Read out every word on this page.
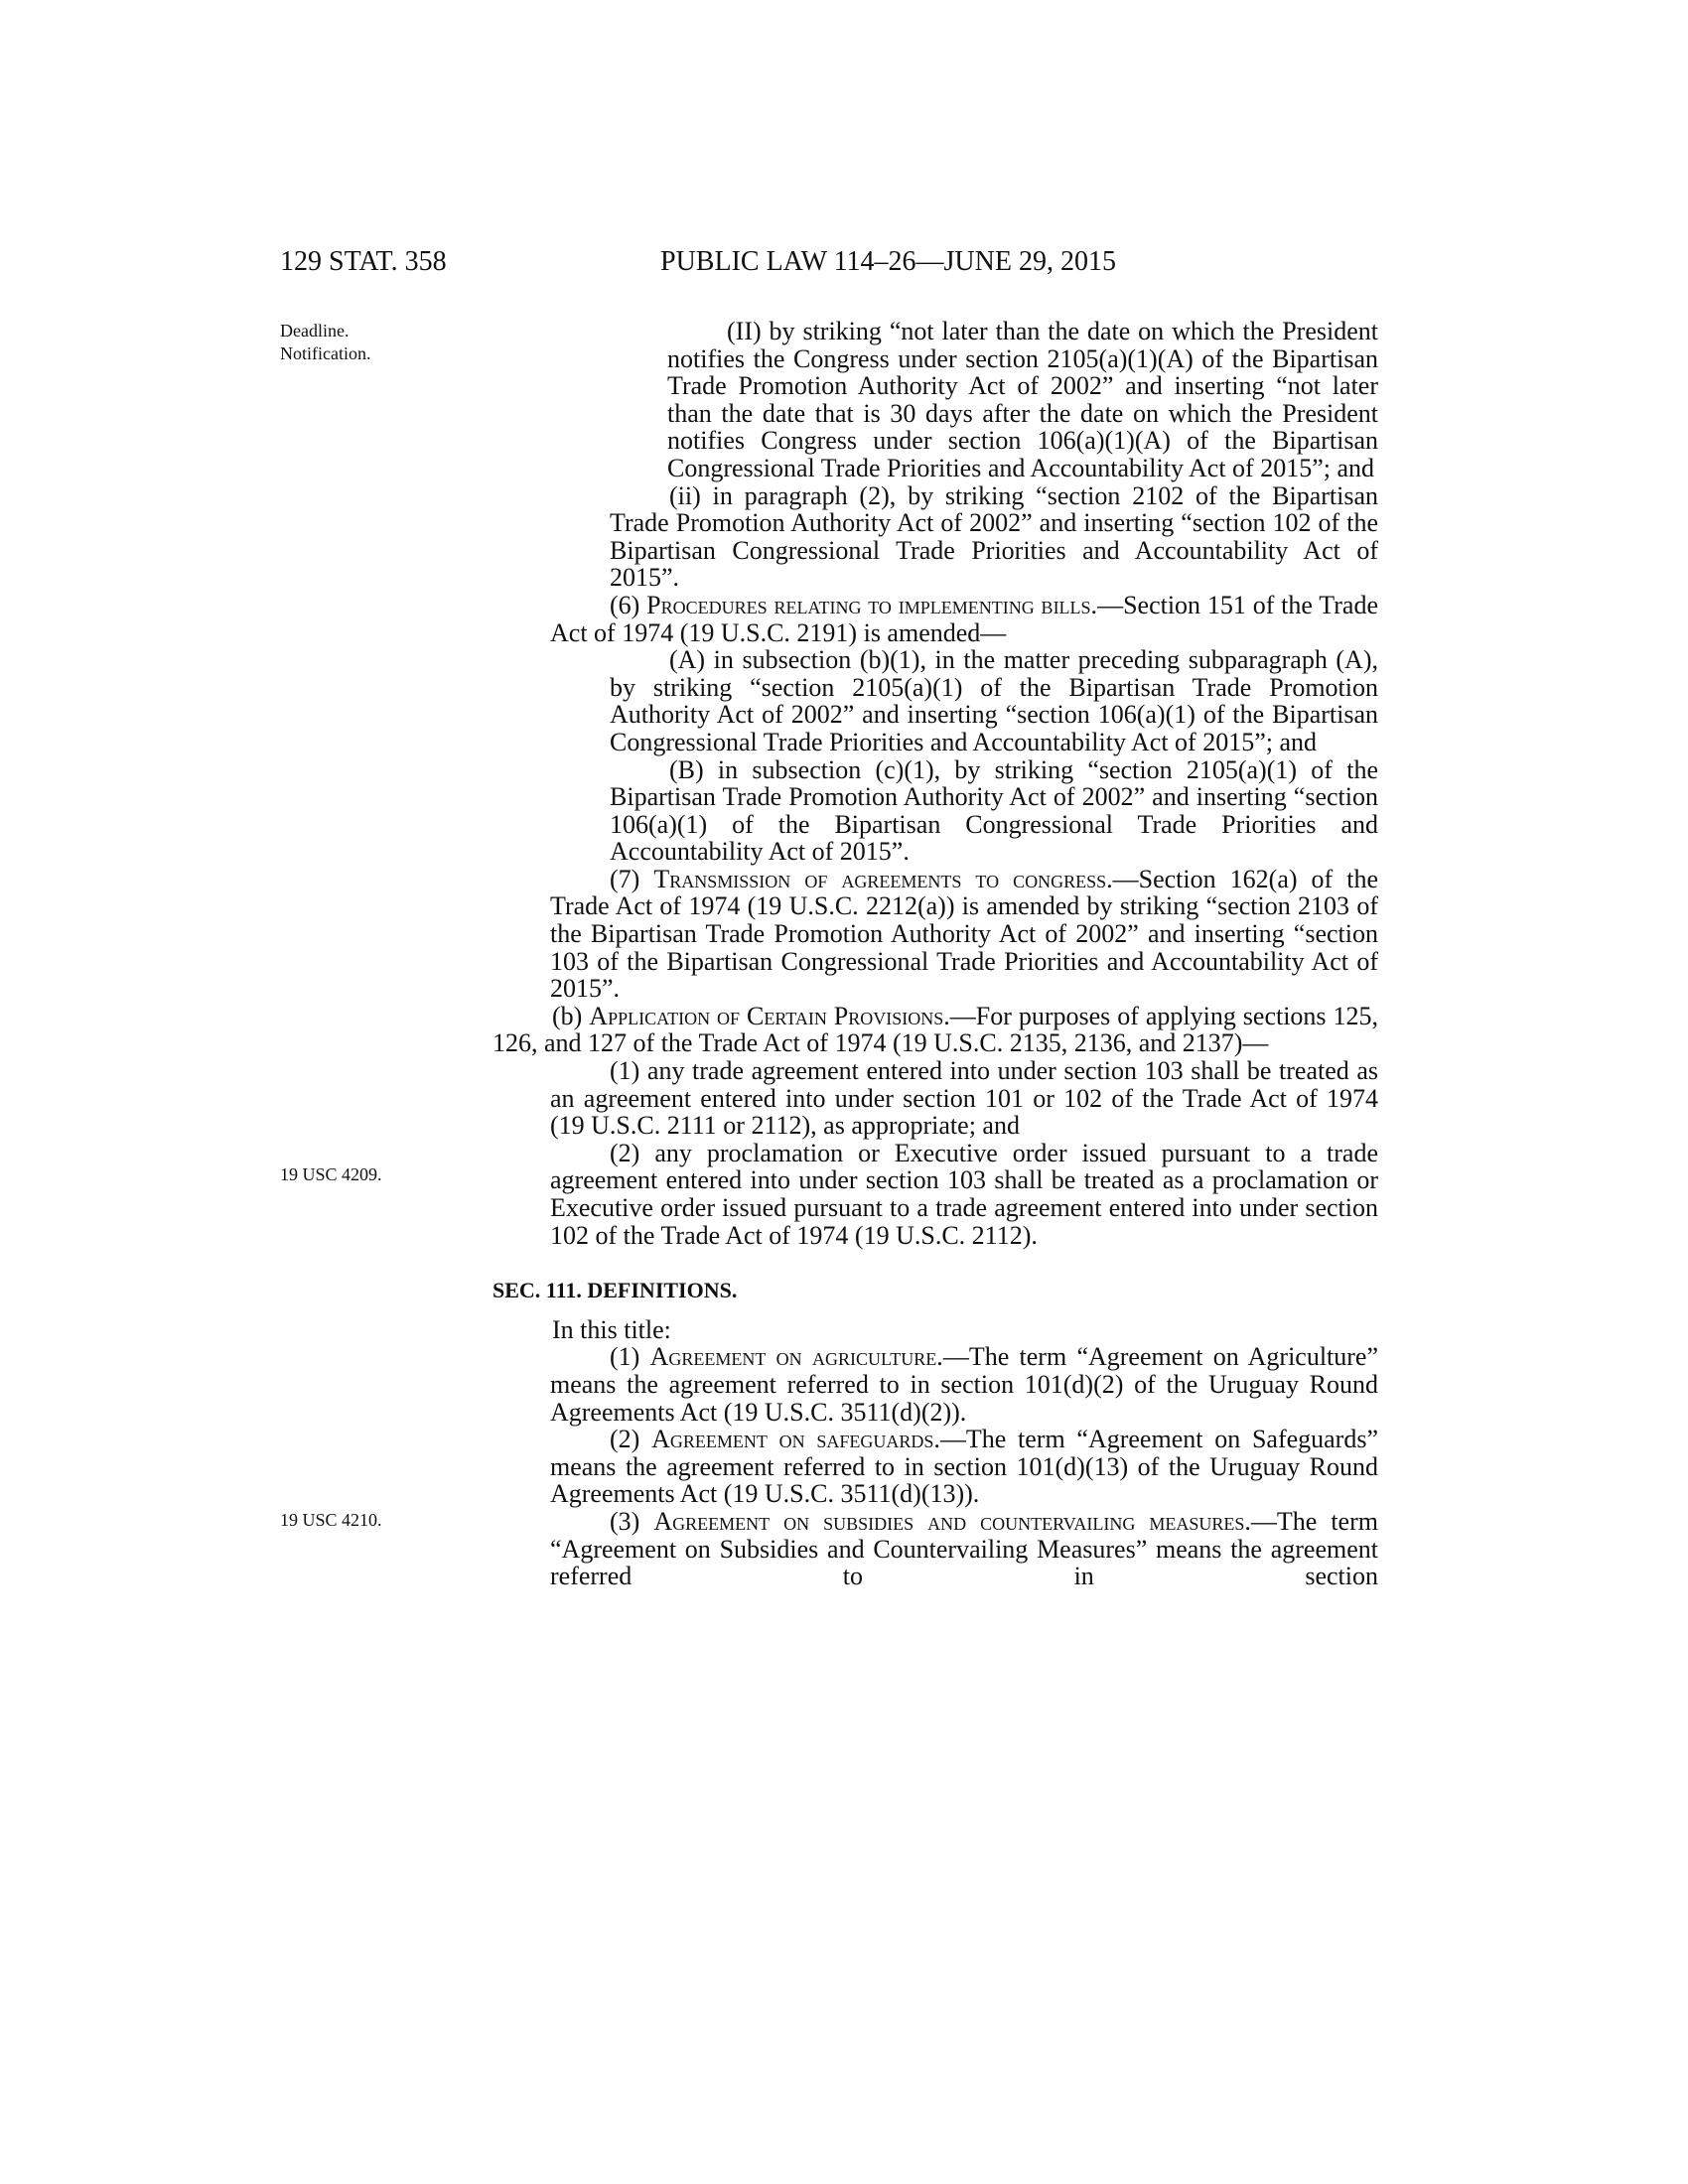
129 STAT. 358	PUBLIC LAW 114–26—JUNE 29, 2015
Deadline.
Notification.
19 USC 4209.
19 USC 4210.

(II) by striking “not later than the date on which the President notifies the Congress under section 2105(a)(1)(A) of the Bipartisan Trade Promotion Authority Act of 2002” and inserting “not later than the date that is 30 days after the date on which the President notifies Congress under section 106(a)(1)(A) of the Bipartisan Congressional Trade Priorities and Accountability Act of 2015”; and

(ii) in paragraph (2), by striking “section 2102 of the Bipartisan Trade Promotion Authority Act of 2002” and inserting “section 102 of the Bipartisan Congressional Trade Priorities and Accountability Act of 2015”.

(6) Procedures relating to implementing bills.—Section 151 of the Trade Act of 1974 (19 U.S.C. 2191) is amended—

(A) in subsection (b)(1), in the matter preceding subparagraph (A), by striking “section 2105(a)(1) of the Bipartisan Trade Promotion Authority Act of 2002” and inserting “section 106(a)(1) of the Bipartisan Congressional Trade Priorities and Accountability Act of 2015”; and

(B) in subsection (c)(1), by striking “section 2105(a)(1) of the Bipartisan Trade Promotion Authority Act of 2002” and inserting “section 106(a)(1) of the Bipartisan Congressional Trade Priorities and Accountability Act of 2015”.

(7) Transmission of agreements to congress.—Section 162(a) of the Trade Act of 1974 (19 U.S.C. 2212(a)) is amended by striking “section 2103 of the Bipartisan Trade Promotion Authority Act of 2002” and inserting “section 103 of the Bipartisan Congressional Trade Priorities and Accountability Act of 2015”.

(b) Application of Certain Provisions.—For purposes of applying sections 125, 126, and 127 of the Trade Act of 1974 (19 U.S.C. 2135, 2136, and 2137)—

(1) any trade agreement entered into under section 103 shall be treated as an agreement entered into under section 101 or 102 of the Trade Act of 1974 (19 U.S.C. 2111 or 2112), as appropriate; and

(2) any proclamation or Executive order issued pursuant to a trade agreement entered into under section 103 shall be treated as a proclamation or Executive order issued pursuant to a trade agreement entered into under section 102 of the Trade Act of 1974 (19 U.S.C. 2112).

SEC. 111. DEFINITIONS.

In this title:

(1) Agreement on agriculture.—The term “Agreement on Agriculture” means the agreement referred to in section 101(d)(2) of the Uruguay Round Agreements Act (19 U.S.C. 3511(d)(2)).

(2) Agreement on safeguards.—The term “Agreement on Safeguards” means the agreement referred to in section 101(d)(13) of the Uruguay Round Agreements Act (19 U.S.C. 3511(d)(13)).

(3) Agreement on subsidies and countervailing measures.—The term “Agreement on Subsidies and Countervailing Measures” means the agreement referred to in section
